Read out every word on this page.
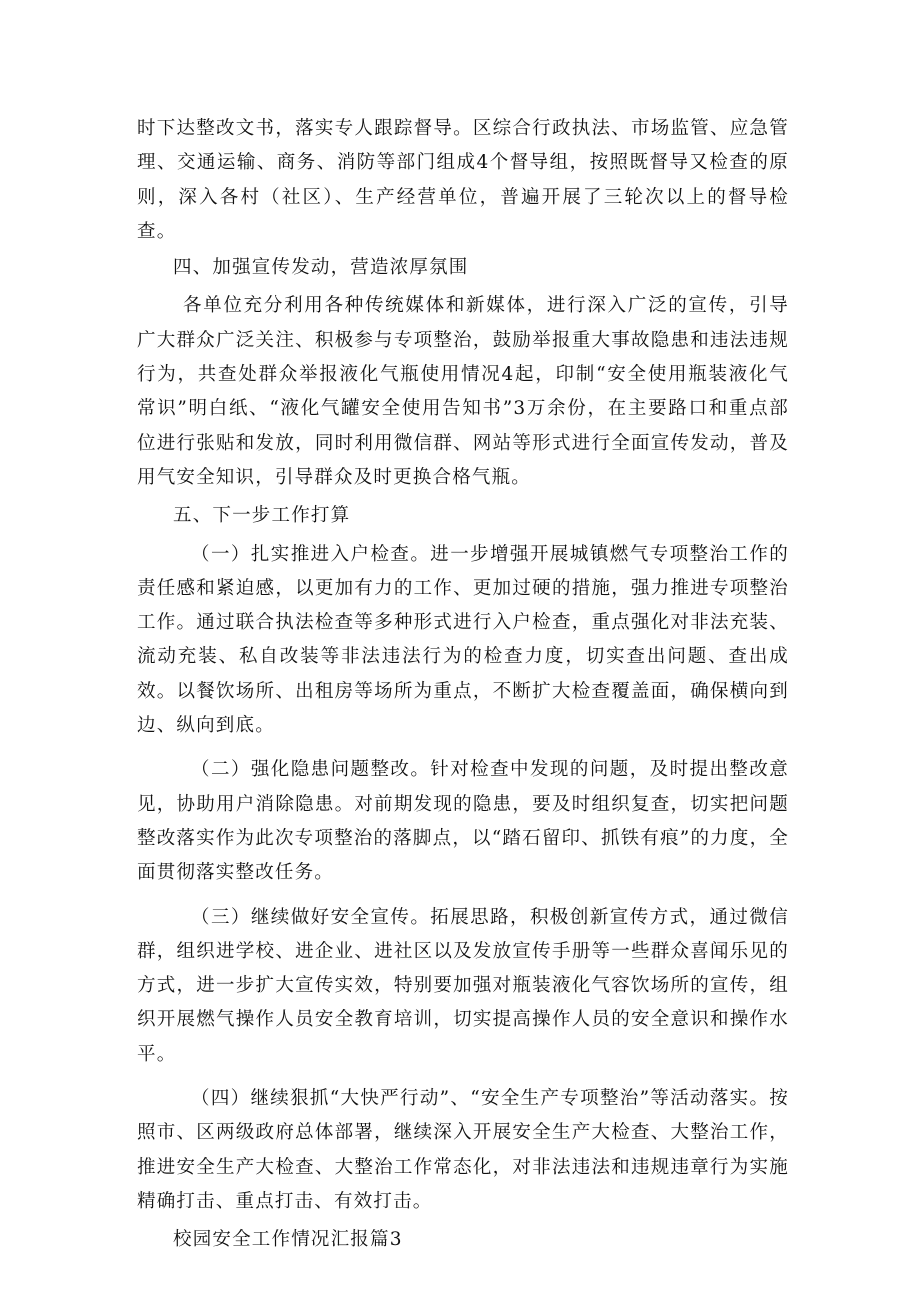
时下达整改文书，落实专人跟踪督导。区综合行政执法、市场监管、应急管理、交通运输、商务、消防等部门组成4个督导组，按照既督导又检查的原则，深入各村（社区）、生产经营单位，普遍开展了三轮次以上的督导检查。

四、加强宣传发动，营造浓厚氛围

各单位充分利用各种传统媒体和新媒体，进行深入广泛的宣传，引导广大群众广泛关注、积极参与专项整治，鼓励举报重大事故隐患和违法违规行为，共查处群众举报液化气瓶使用情况4起，印制“安全使用瓶装液化气常识”明白纸、“液化气罐安全使用告知书”3万余份，在主要路口和重点部位进行张贴和发放，同时利用微信群、网站等形式进行全面宣传发动，普及用气安全知识，引导群众及时更换合格气瓶。

五、下一步工作打算

（一）扎实推进入户检查。进一步增强开展城镇燃气专项整治工作的责任感和紧迫感，以更加有力的工作、更加过硬的措施，强力推进专项整治工作。通过联合执法检查等多种形式进行入户检查，重点强化对非法充装、流动充装、私自改装等非法违法行为的检查力度，切实查出问题、查出成效。以餐饮场所、出租房等场所为重点，不断扩大检查覆盖面，确保横向到边、纵向到底。

（二）强化隐患问题整改。针对检查中发现的问题，及时提出整改意见，协助用户消除隐患。对前期发现的隐患，要及时组织复查，切实把问题整改落实作为此次专项整治的落脚点，以“踏石留印、抓铁有痕”的力度，全面贯彻落实整改任务。

（三）继续做好安全宣传。拓展思路，积极创新宣传方式，通过微信群，组织进学校、进企业、进社区以及发放宣传手册等一些群众喜闻乐见的方式，进一步扩大宣传实效，特别要加强对瓶装液化气容饮场所的宣传，组织开展燃气操作人员安全教育培训，切实提高操作人员的安全意识和操作水平。

（四）继续狠抓“大快严行动”、“安全生产专项整治”等活动落实。按照市、区两级政府总体部署，继续深入开展安全生产大检查、大整治工作，推进安全生产大检查、大整治工作常态化，对非法违法和违规违章行为实施精确打击、重点打击、有效打击。

校园安全工作情况汇报篇3
